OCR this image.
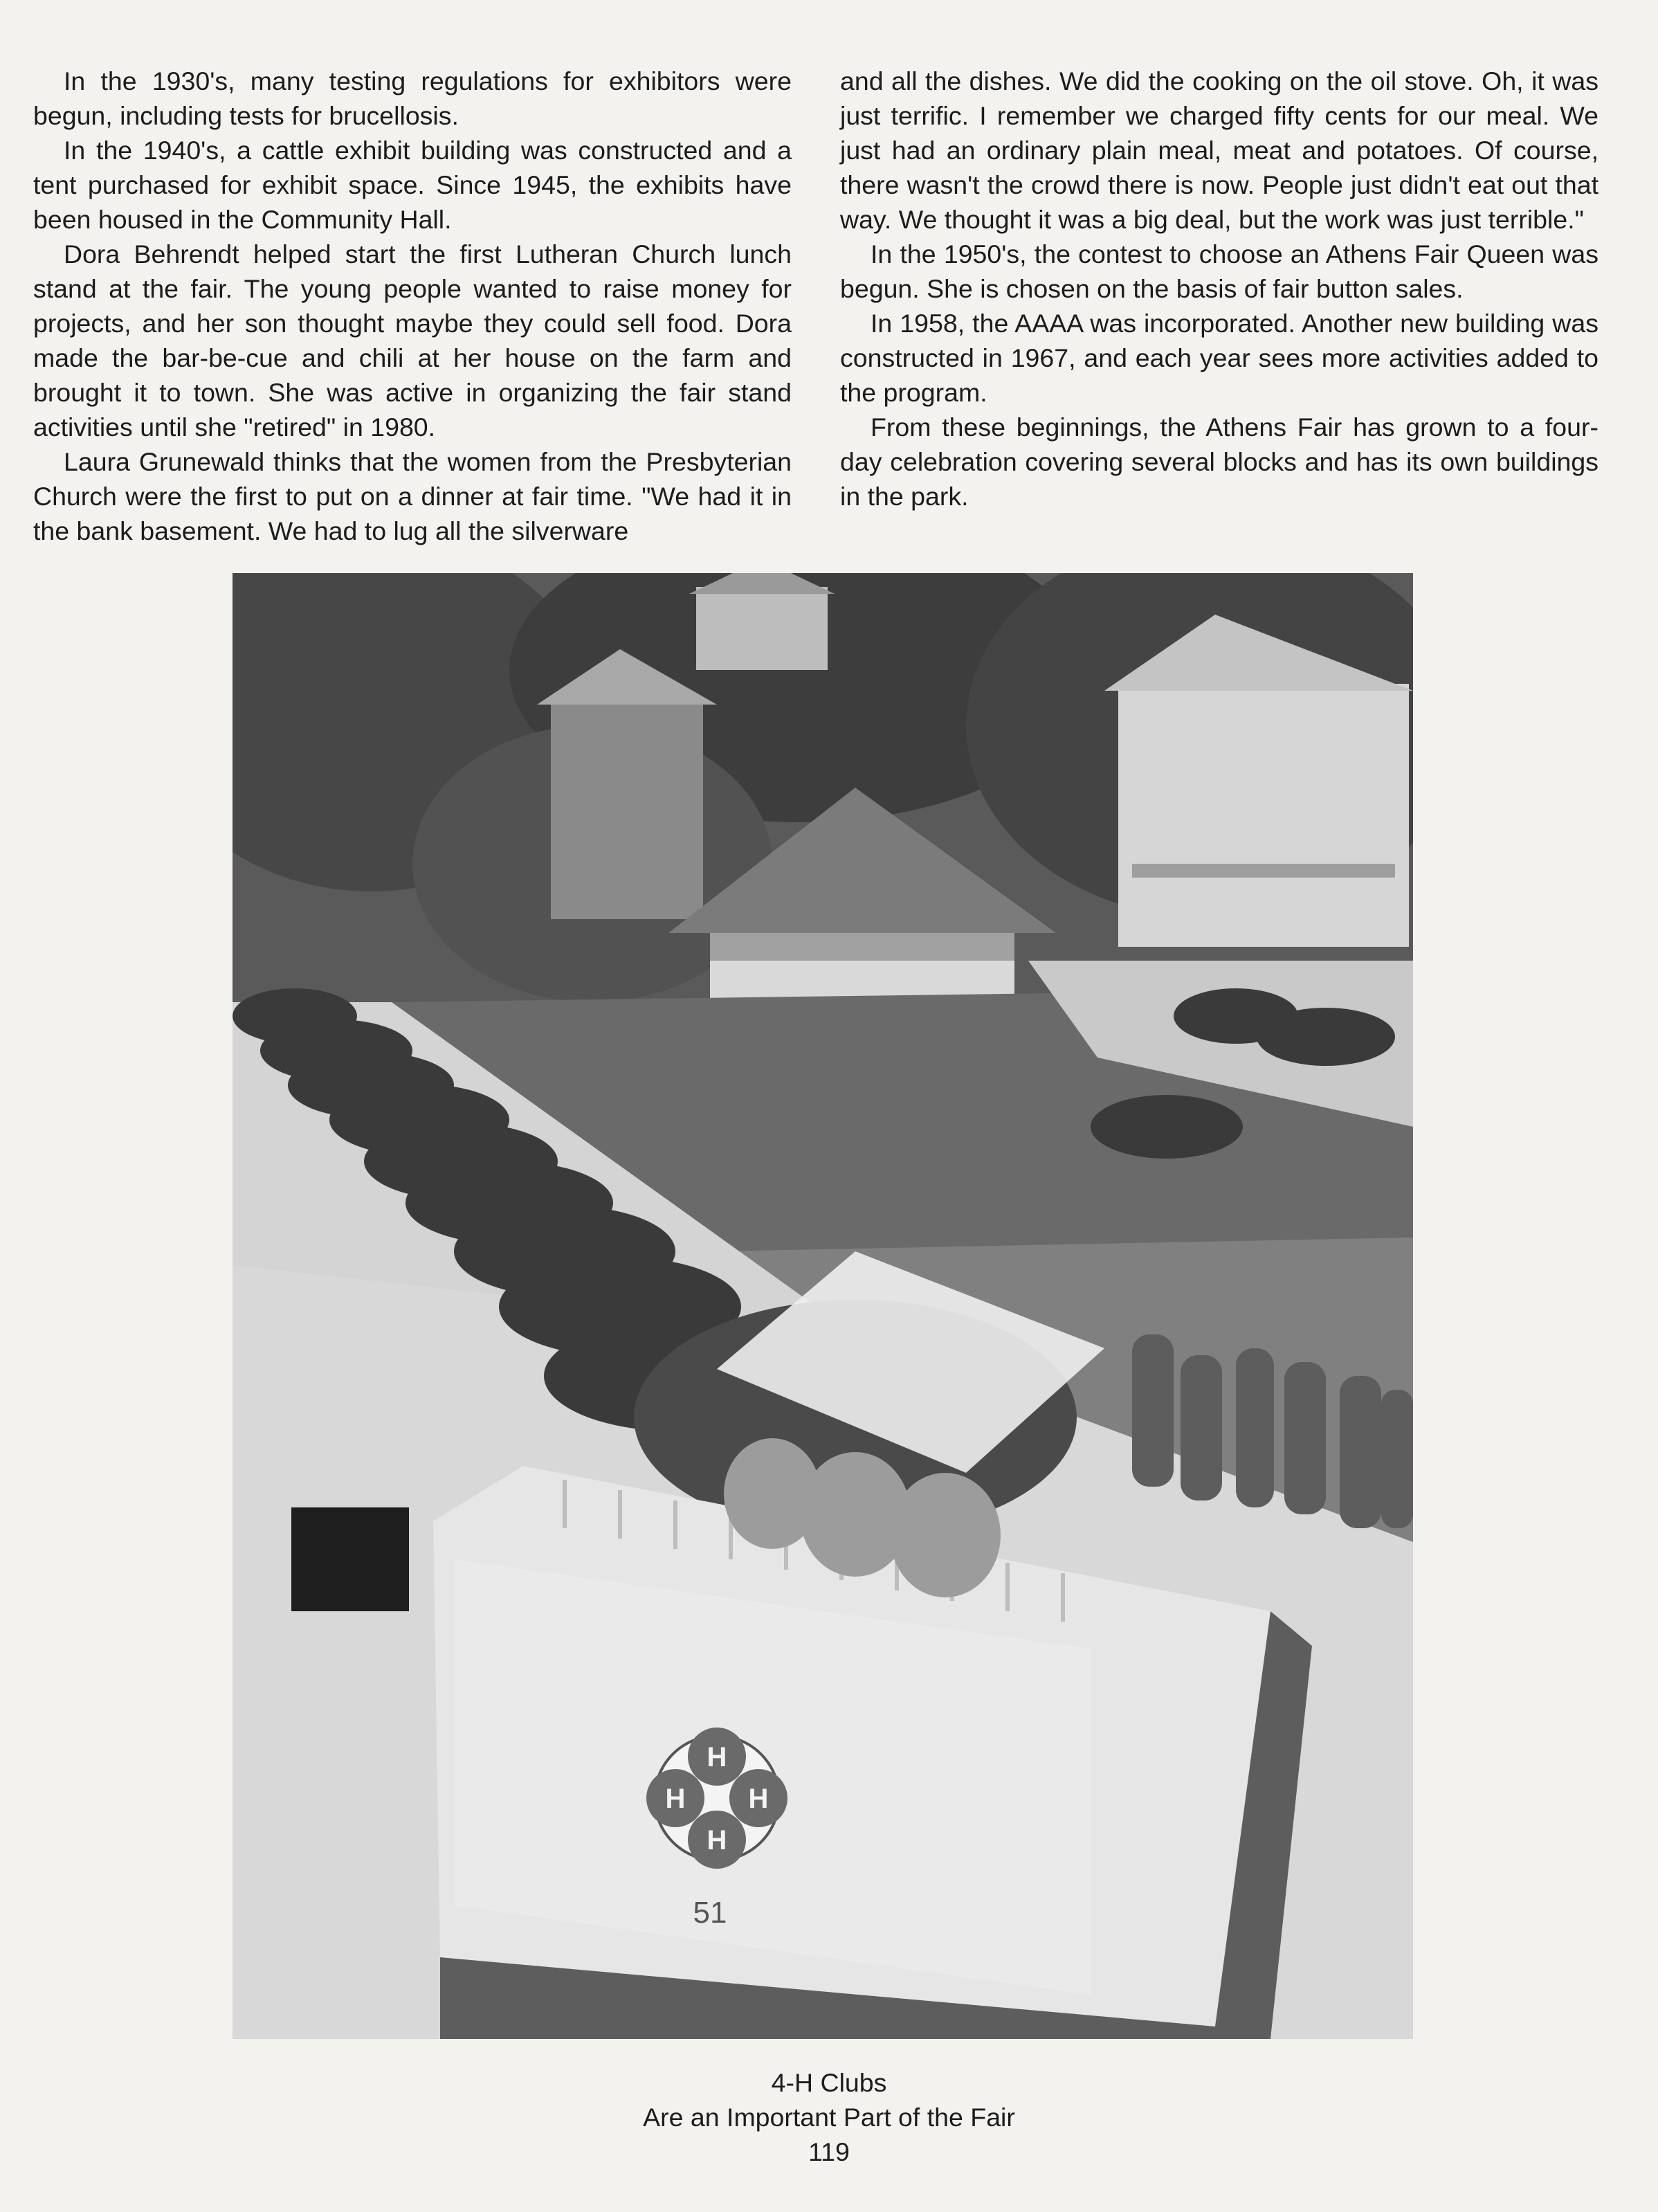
In the 1930's, many testing regulations for exhibitors were begun, including tests for brucellosis.

In the 1940's, a cattle exhibit building was constructed and a tent purchased for exhibit space. Since 1945, the exhibits have been housed in the Community Hall.

Dora Behrendt helped start the first Lutheran Church lunch stand at the fair. The young people wanted to raise money for projects, and her son thought maybe they could sell food. Dora made the bar-be-cue and chili at her house on the farm and brought it to town. She was active in organizing the fair stand activities until she "retired" in 1980.

Laura Grunewald thinks that the women from the Presbyterian Church were the first to put on a dinner at fair time. "We had it in the bank basement. We had to lug all the silverware

and all the dishes. We did the cooking on the oil stove. Oh, it was just terrific. I remember we charged fifty cents for our meal. We just had an ordinary plain meal, meat and potatoes. Of course, there wasn't the crowd there is now. People just didn't eat out that way. We thought it was a big deal, but the work was just terrible."

In the 1950's, the contest to choose an Athens Fair Queen was begun. She is chosen on the basis of fair button sales.

In 1958, the AAAA was incorporated. Another new building was constructed in 1967, and each year sees more activities added to the program.

From these beginnings, the Athens Fair has grown to a four-day celebration covering several blocks and has its own buildings in the park.

H
H H
H
51
4-H Clubs
Are an Important Part of the Fair
119
